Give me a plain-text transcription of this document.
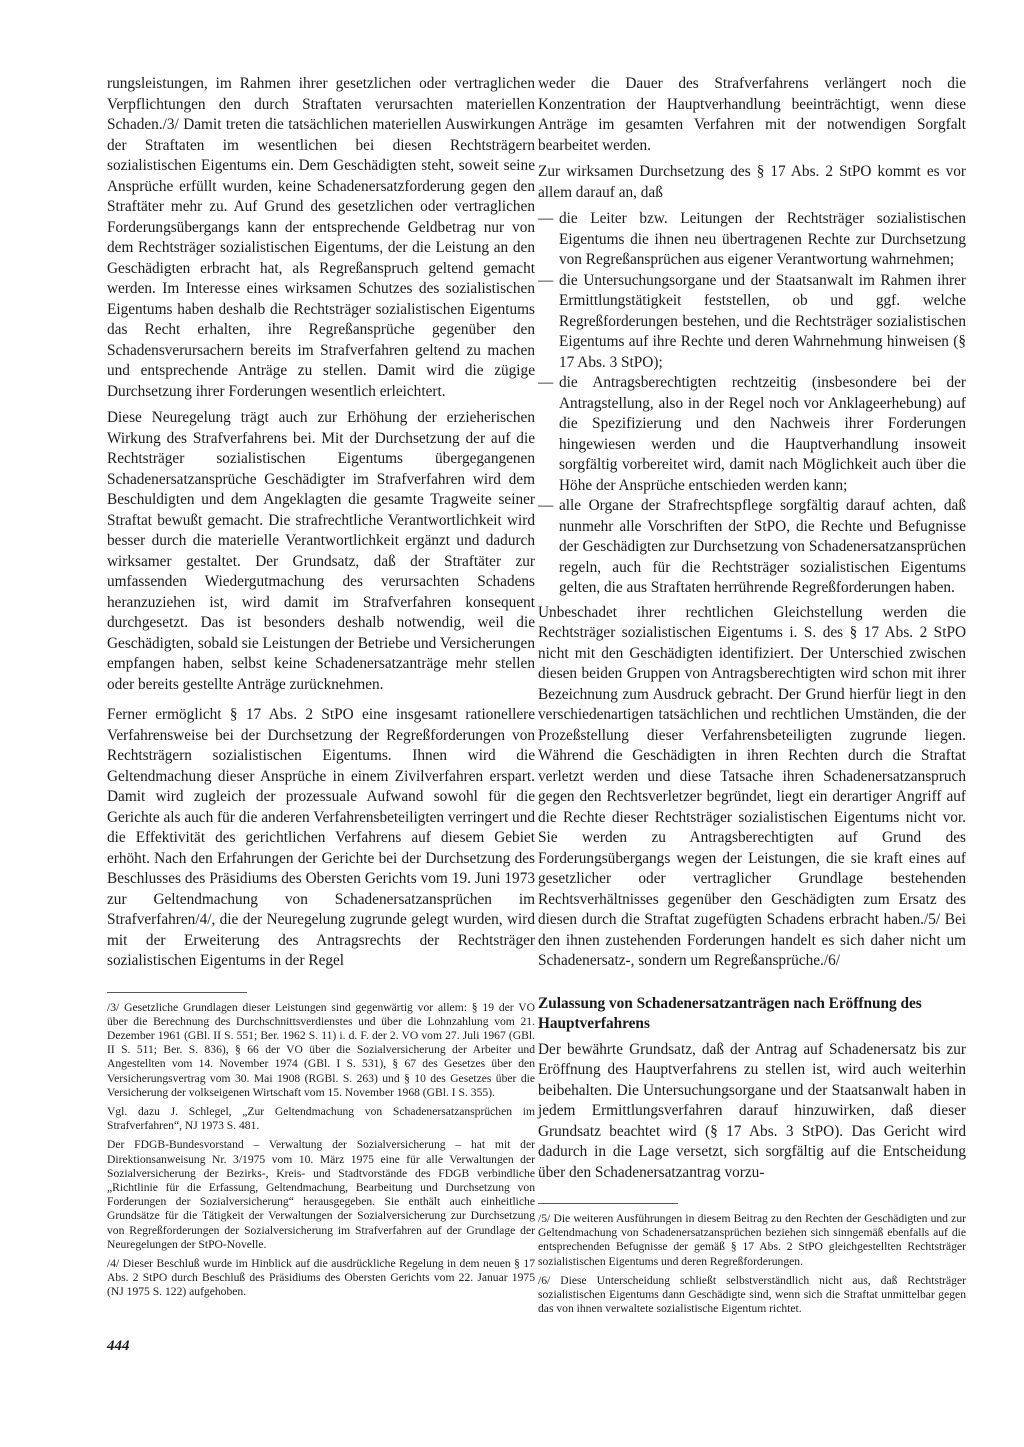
rungsleistungen, im Rahmen ihrer gesetzlichen oder vertraglichen Verpflichtungen den durch Straftaten verursachten materiellen Schaden./3/ Damit treten die tatsächlichen materiellen Auswirkungen der Straftaten im wesentlichen bei diesen Rechtsträgern sozialistischen Eigentums ein. Dem Geschädigten steht, soweit seine Ansprüche erfüllt wurden, keine Schadenersatzforderung gegen den Straftäter mehr zu. Auf Grund des gesetzlichen oder vertraglichen Forderungsübergangs kann der entsprechende Geldbetrag nur von dem Rechtsträger sozialistischen Eigentums, der die Leistung an den Geschädigten erbracht hat, als Regreßanspruch geltend gemacht werden. Im Interesse eines wirksamen Schutzes des sozialistischen Eigentums haben deshalb die Rechtsträger sozialistischen Eigentums das Recht erhalten, ihre Regreßansprüche gegenüber den Schadensverursachern bereits im Strafverfahren geltend zu machen und entsprechende Anträge zu stellen. Damit wird die zügige Durchsetzung ihrer Forderungen wesentlich erleichtert.

Diese Neuregelung trägt auch zur Erhöhung der erzieherischen Wirkung des Strafverfahrens bei. Mit der Durchsetzung der auf die Rechtsträger sozialistischen Eigentums übergegangenen Schadenersatzansprüche Geschädigter im Strafverfahren wird dem Beschuldigten und dem Angeklagten die gesamte Tragweite seiner Straftat bewußt gemacht. Die strafrechtliche Verantwortlichkeit wird besser durch die materielle Verantwortlichkeit ergänzt und dadurch wirksamer gestaltet. Der Grundsatz, daß der Straftäter zur umfassenden Wiedergutmachung des verursachten Schadens heranzuziehen ist, wird damit im Strafverfahren konsequent durchgesetzt. Das ist besonders deshalb notwendig, weil die Geschädigten, sobald sie Leistungen der Betriebe und Versicherungen empfangen haben, selbst keine Schadenersatzanträge mehr stellen oder bereits gestellte Anträge zurücknehmen.

Ferner ermöglicht § 17 Abs. 2 StPO eine insgesamt rationellere Verfahrensweise bei der Durchsetzung der Regreßforderungen von Rechtsträgern sozialistischen Eigentums. Ihnen wird die Geltendmachung dieser Ansprüche in einem Zivilverfahren erspart. Damit wird zugleich der prozessuale Aufwand sowohl für die Gerichte als auch für die anderen Verfahrensbeteiligten verringert und die Effektivität des gerichtlichen Verfahrens auf diesem Gebiet erhöht. Nach den Erfahrungen der Gerichte bei der Durchsetzung des Beschlusses des Präsidiums des Obersten Gerichts vom 19. Juni 1973 zur Geltendmachung von Schadenersatzansprüchen im Strafverfahren/4/, die der Neuregelung zugrunde gelegt wurden, wird mit der Erweiterung des Antragsrechts der Rechtsträger sozialistischen Eigentums in der Regel

/3/ Gesetzliche Grundlagen dieser Leistungen sind gegenwärtig vor allem: § 19 der VO über die Berechnung des Durchschnittsverdienstes und über die Lohnzahlung vom 21. Dezember 1961 (GBl. II S. 551; Ber. 1962 S. 11) i. d. F. der 2. VO vom 27. Juli 1967 (GBl. II S. 511; Ber. S. 836), § 66 der VO über die Sozialversicherung der Arbeiter und Angestellten vom 14. November 1974 (GBl. I S. 531), § 67 des Gesetzes über den Versicherungsvertrag vom 30. Mai 1908 (RGBl. S. 263) und § 10 des Gesetzes über die Versicherung der volkseigenen Wirtschaft vom 15. November 1968 (GBl. I S. 355).

Vgl. dazu J. Schlegel, „Zur Geltendmachung von Schadenersatzansprüchen im Strafverfahren“, NJ 1973 S. 481.

Der FDGB-Bundesvorstand – Verwaltung der Sozialversicherung – hat mit der Direktionsanweisung Nr. 3/1975 vom 10. März 1975 eine für alle Verwaltungen der Sozialversicherung der Bezirks-, Kreis- und Stadtvorstände des FDGB verbindliche „Richtlinie für die Erfassung, Geltendmachung, Bearbeitung und Durchsetzung von Forderungen der Sozialversicherung“ herausgegeben. Sie enthält auch einheitliche Grundsätze für die Tätigkeit der Verwaltungen der Sozialversicherung zur Durchsetzung von Regreßforderungen der Sozialversicherung im Strafverfahren auf der Grundlage der Neuregelungen der StPO-Novelle.

/4/ Dieser Beschluß wurde im Hinblick auf die ausdrückliche Regelung in dem neuen § 17 Abs. 2 StPO durch Beschluß des Präsidiums des Obersten Gerichts vom 22. Januar 1975 (NJ 1975 S. 122) aufgehoben.

weder die Dauer des Strafverfahrens verlängert noch die Konzentration der Hauptverhandlung beeinträchtigt, wenn diese Anträge im gesamten Verfahren mit der notwendigen Sorgfalt bearbeitet werden.

Zur wirksamen Durchsetzung des § 17 Abs. 2 StPO kommt es vor allem darauf an, daß

— die Leiter bzw. Leitungen der Rechtsträger sozialistischen Eigentums die ihnen neu übertragenen Rechte zur Durchsetzung von Regreßansprüchen aus eigener Verantwortung wahrnehmen;
— die Untersuchungsorgane und der Staatsanwalt im Rahmen ihrer Ermittlungstätigkeit feststellen, ob und ggf. welche Regreßforderungen bestehen, und die Rechtsträger sozialistischen Eigentums auf ihre Rechte und deren Wahrnehmung hinweisen (§ 17 Abs. 3 StPO);
— die Antragsberechtigten rechtzeitig (insbesondere bei der Antragstellung, also in der Regel noch vor Anklageerhebung) auf die Spezifizierung und den Nachweis ihrer Forderungen hingewiesen werden und die Hauptverhandlung insoweit sorgfältig vorbereitet wird, damit nach Möglichkeit auch über die Höhe der Ansprüche entschieden werden kann;
— alle Organe der Strafrechtspflege sorgfältig darauf achten, daß nunmehr alle Vorschriften der StPO, die Rechte und Befugnisse der Geschädigten zur Durchsetzung von Schadenersatzansprüchen regeln, auch für die Rechtsträger sozialistischen Eigentums gelten, die aus Straftaten herrührende Regreßforderungen haben.

Unbeschadet ihrer rechtlichen Gleichstellung werden die Rechtsträger sozialistischen Eigentums i. S. des § 17 Abs. 2 StPO nicht mit den Geschädigten identifiziert. Der Unterschied zwischen diesen beiden Gruppen von Antragsberechtigten wird schon mit ihrer Bezeichnung zum Ausdruck gebracht. Der Grund hierfür liegt in den verschiedenartigen tatsächlichen und rechtlichen Umständen, die der Prozeßstellung dieser Verfahrensbeteiligten zugrunde liegen. Während die Geschädigten in ihren Rechten durch die Straftat verletzt werden und diese Tatsache ihren Schadenersatzanspruch gegen den Rechtsverletzer begründet, liegt ein derartiger Angriff auf die Rechte dieser Rechtsträger sozialistischen Eigentums nicht vor. Sie werden zu Antragsberechtigten auf Grund des Forderungsübergangs wegen der Leistungen, die sie kraft eines auf gesetzlicher oder vertraglicher Grundlage bestehenden Rechtsverhältnisses gegenüber den Geschädigten zum Ersatz des diesen durch die Straftat zugefügten Schadens erbracht haben./5/ Bei den ihnen zustehenden Forderungen handelt es sich daher nicht um Schadenersatz-, sondern um Regreßansprüche./6/

Zulassung von Schadenersatzanträgen nach Eröffnung des Hauptverfahrens

Der bewährte Grundsatz, daß der Antrag auf Schadenersatz bis zur Eröffnung des Hauptverfahrens zu stellen ist, wird auch weiterhin beibehalten. Die Untersuchungsorgane und der Staatsanwalt haben in jedem Ermittlungsverfahren darauf hinzuwirken, daß dieser Grundsatz beachtet wird (§ 17 Abs. 3 StPO). Das Gericht wird dadurch in die Lage versetzt, sich sorgfältig auf die Entscheidung über den Schadenersatzantrag vorzu-

/5/ Die weiteren Ausführungen in diesem Beitrag zu den Rechten der Geschädigten und zur Geltendmachung von Schadenersatzansprüchen beziehen sich sinngemäß ebenfalls auf die entsprechenden Befugnisse der gemäß § 17 Abs. 2 StPO gleichgestellten Rechtsträger sozialistischen Eigentums und deren Regreßforderungen.

/6/ Diese Unterscheidung schließt selbstverständlich nicht aus, daß Rechtsträger sozialistischen Eigentums dann Geschädigte sind, wenn sich die Straftat unmittelbar gegen das von ihnen verwaltete sozialistische Eigentum richtet.

444
